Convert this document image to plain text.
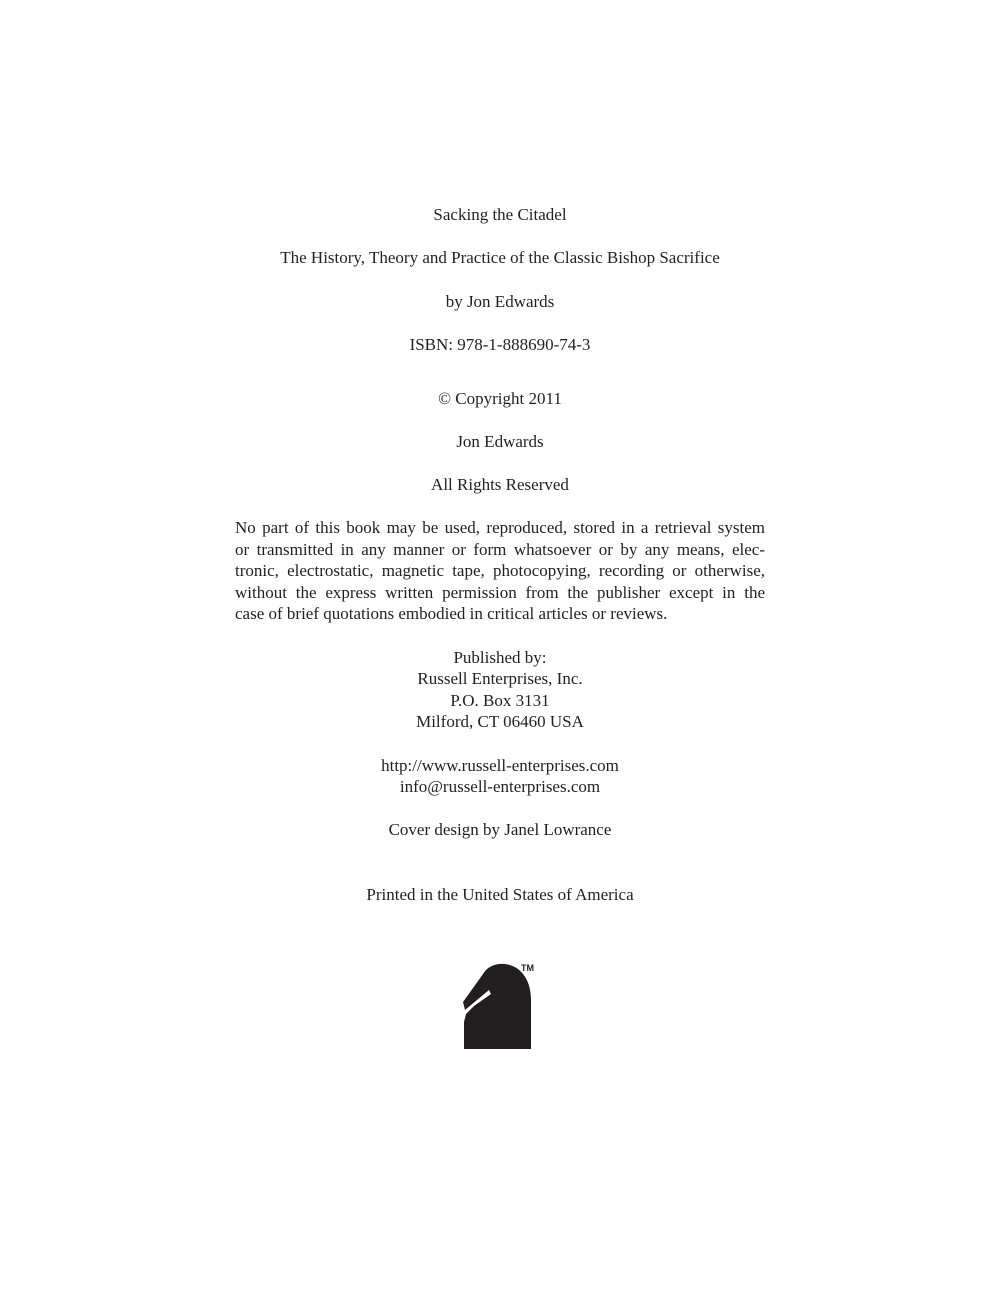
Sacking the Citadel
The History, Theory and Practice of the Classic Bishop Sacrifice
by Jon Edwards
ISBN: 978-1-888690-74-3
© Copyright 2011
Jon Edwards
All Rights Reserved
No part of this book may be used, reproduced, stored in a retrieval system
or transmitted in any manner or form whatsoever or by any means, elec-
tronic, electrostatic, magnetic tape, photocopying, recording or otherwise,
without the express written permission from the publisher except in the
case of brief quotations embodied in critical articles or reviews.
Published by:
Russell Enterprises, Inc.
P.O. Box 3131
Milford, CT 06460 USA
http://www.russell-enterprises.com
info@russell-enterprises.com
Cover design by Janel Lowrance
Printed in the United States of America
TM
